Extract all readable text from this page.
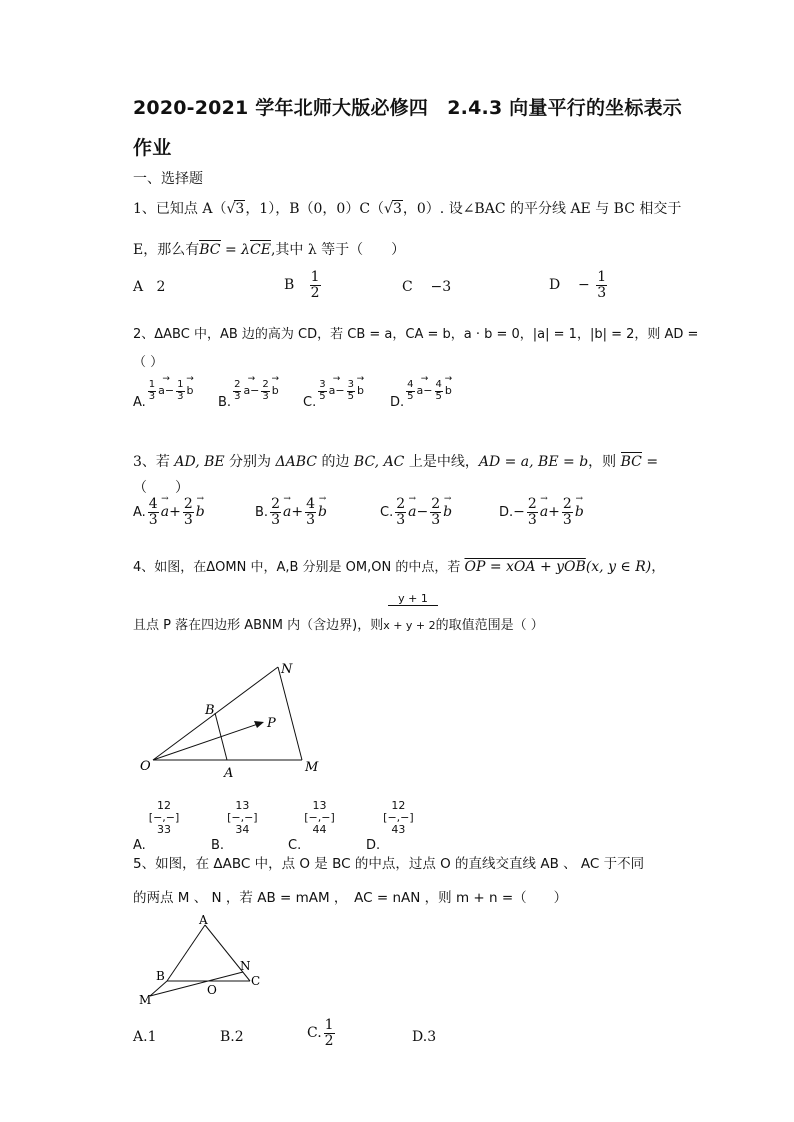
2020-2021 学年北师大版必修四　2.4.3 向量平行的坐标表示
作业
一、选择题
1、已知点 A（√3，1），B（0，0）C（√3，0）. 设∠BAC 的平分线 AE 与 BC 相交于
E，那么有BC = λCE,其中 λ 等于（　　）
A 2	B $\frac{1}{2}$	C −3	$D - \frac{1}{3}$
2、ΔABC 中，AB 边的高为 CD，若 CB = a，CA = b，a · b = 0，|a| = 1，|b| = 2，则 AD =
（ ）
A.
$\frac{1}{3} a- \to \frac{1}{3}$ b →
B.
$\frac{2}{3} a- \to \frac{2}{3}$ b →
C.
$\frac{3}{5} a- \to \frac{3}{5}$ b →
D.
$\frac{4}{5} a- \to \frac{4}{5}$ b →
3、若 AD, BE 分别为 ΔABC 的边 BC, AC 上是中线，AD = a, BE = b，则 BC =
（　　）
A. $\frac{4}{3}$ $a \to+ \frac{2}{3}$ b →	B. $\frac{2}{3}$ $a \to+ \frac{4}{3}$ b →	C. $\frac{2}{3}$ $a \to- \frac{2}{3}$ b →	$D.- \frac{2}{3}$ $a \to+ \frac{2}{3}$ b →
4、如图，在ΔOMN 中，A,B 分别是 OM,ON 的中点，若 OP = xOA + yOB(x, y ∈ R)，
y + 1
且点 P 落在四边形 ABNM 内（含边界)，则x + y + 2的取值范围是（ ）
O	A	M
B
N
P
A.
12
[−,−]
33
B.
13
[−,−]
34
C.
13
[−,−]
44
D.
12
[−,−]
43
5、如图，在 ΔABC 中，点 O 是 BC 的中点，过点 O 的直线交直线 AB 、 AC 于不同
的两点 M 、 N ，若 AB = mAM ，　AC = nAN ，则 m + n =（　　）
A
B	C
N
O
M
A.1	B.2	C. $\frac{1}{2}$	D.3
